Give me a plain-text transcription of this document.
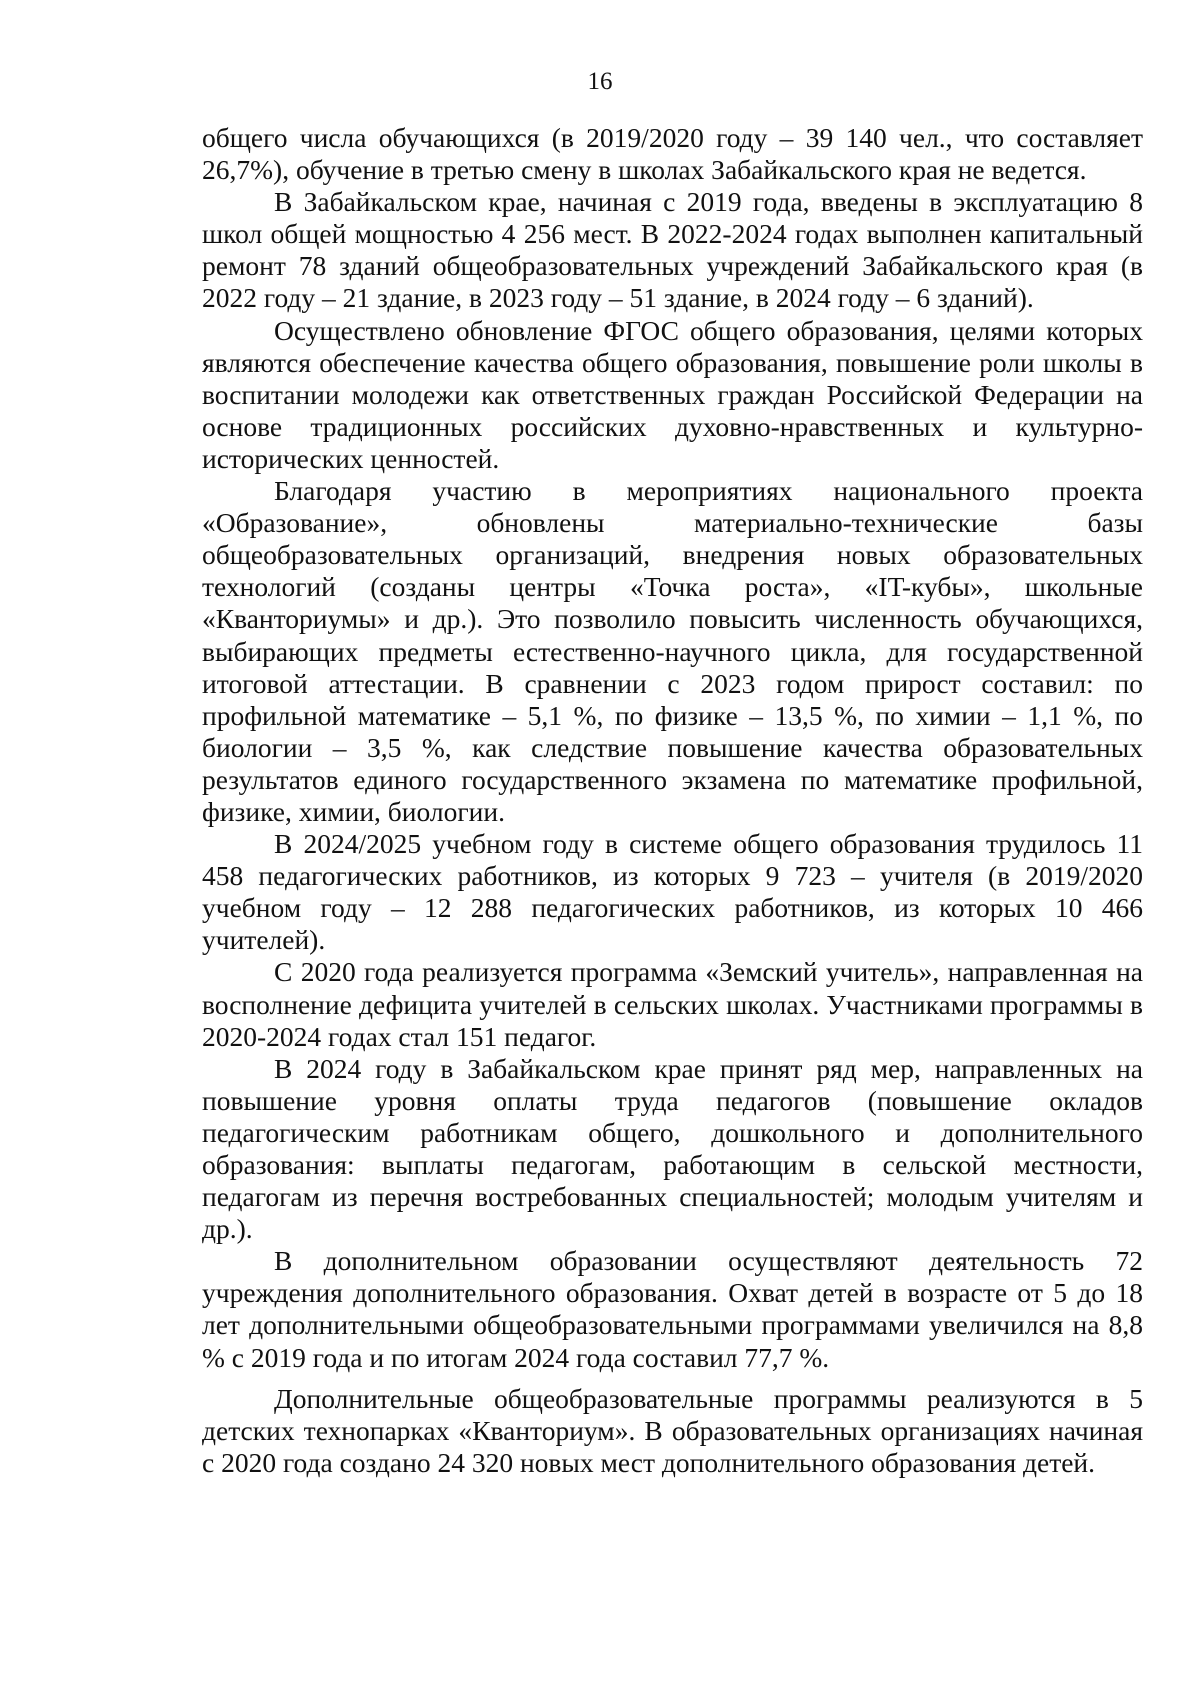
16

общего числа обучающихся (в 2019/2020 году – 39 140 чел., что составляет 26,7%), обучение в третью смену в школах Забайкальского края не ведется.

В Забайкальском крае, начиная с 2019 года, введены в эксплуатацию 8 школ общей мощностью 4 256 мест. В 2022-2024 годах выполнен капитальный ремонт 78 зданий общеобразовательных учреждений Забайкальского края (в 2022 году – 21 здание, в 2023 году – 51 здание, в 2024 году – 6 зданий).

Осуществлено обновление ФГОС общего образования, целями которых являются обеспечение качества общего образования, повышение роли школы в воспитании молодежи как ответственных граждан Российской Федерации на основе традиционных российских духовно-нравственных и культурно-исторических ценностей.

Благодаря участию в мероприятиях национального проекта «Образование», обновлены материально-технические базы общеобразовательных организаций, внедрения новых образовательных технологий (созданы центры «Точка роста», «IT-кубы», школьные «Кванториумы» и др.). Это позволило повысить численность обучающихся, выбирающих предметы естественно-научного цикла, для государственной итоговой аттестации. В сравнении с 2023 годом прирост составил: по профильной математике – 5,1 %, по физике – 13,5 %, по химии – 1,1 %, по биологии – 3,5 %, как следствие повышение качества образовательных результатов единого государственного экзамена по математике профильной, физике, химии, биологии.

В 2024/2025 учебном году в системе общего образования трудилось 11 458 педагогических работников, из которых 9 723 – учителя (в 2019/2020 учебном году – 12 288 педагогических работников, из которых 10 466 учителей).

С 2020 года реализуется программа «Земский учитель», направленная на восполнение дефицита учителей в сельских школах. Участниками программы в 2020-2024 годах стал 151 педагог.

В 2024 году в Забайкальском крае принят ряд мер, направленных на повышение уровня оплаты труда педагогов (повышение окладов педагогическим работникам общего, дошкольного и дополнительного образования: выплаты педагогам, работающим в сельской местности, педагогам из перечня востребованных специальностей; молодым учителям и др.).

В дополнительном образовании осуществляют деятельность 72 учреждения дополнительного образования. Охват детей в возрасте от 5 до 18 лет дополнительными общеобразовательными программами увеличился на 8,8 % с 2019 года и по итогам 2024 года составил 77,7 %.

Дополнительные общеобразовательные программы реализуются в 5 детских технопарках «Кванториум». В образовательных организациях начиная с 2020 года создано 24 320 новых мест дополнительного образования детей.
